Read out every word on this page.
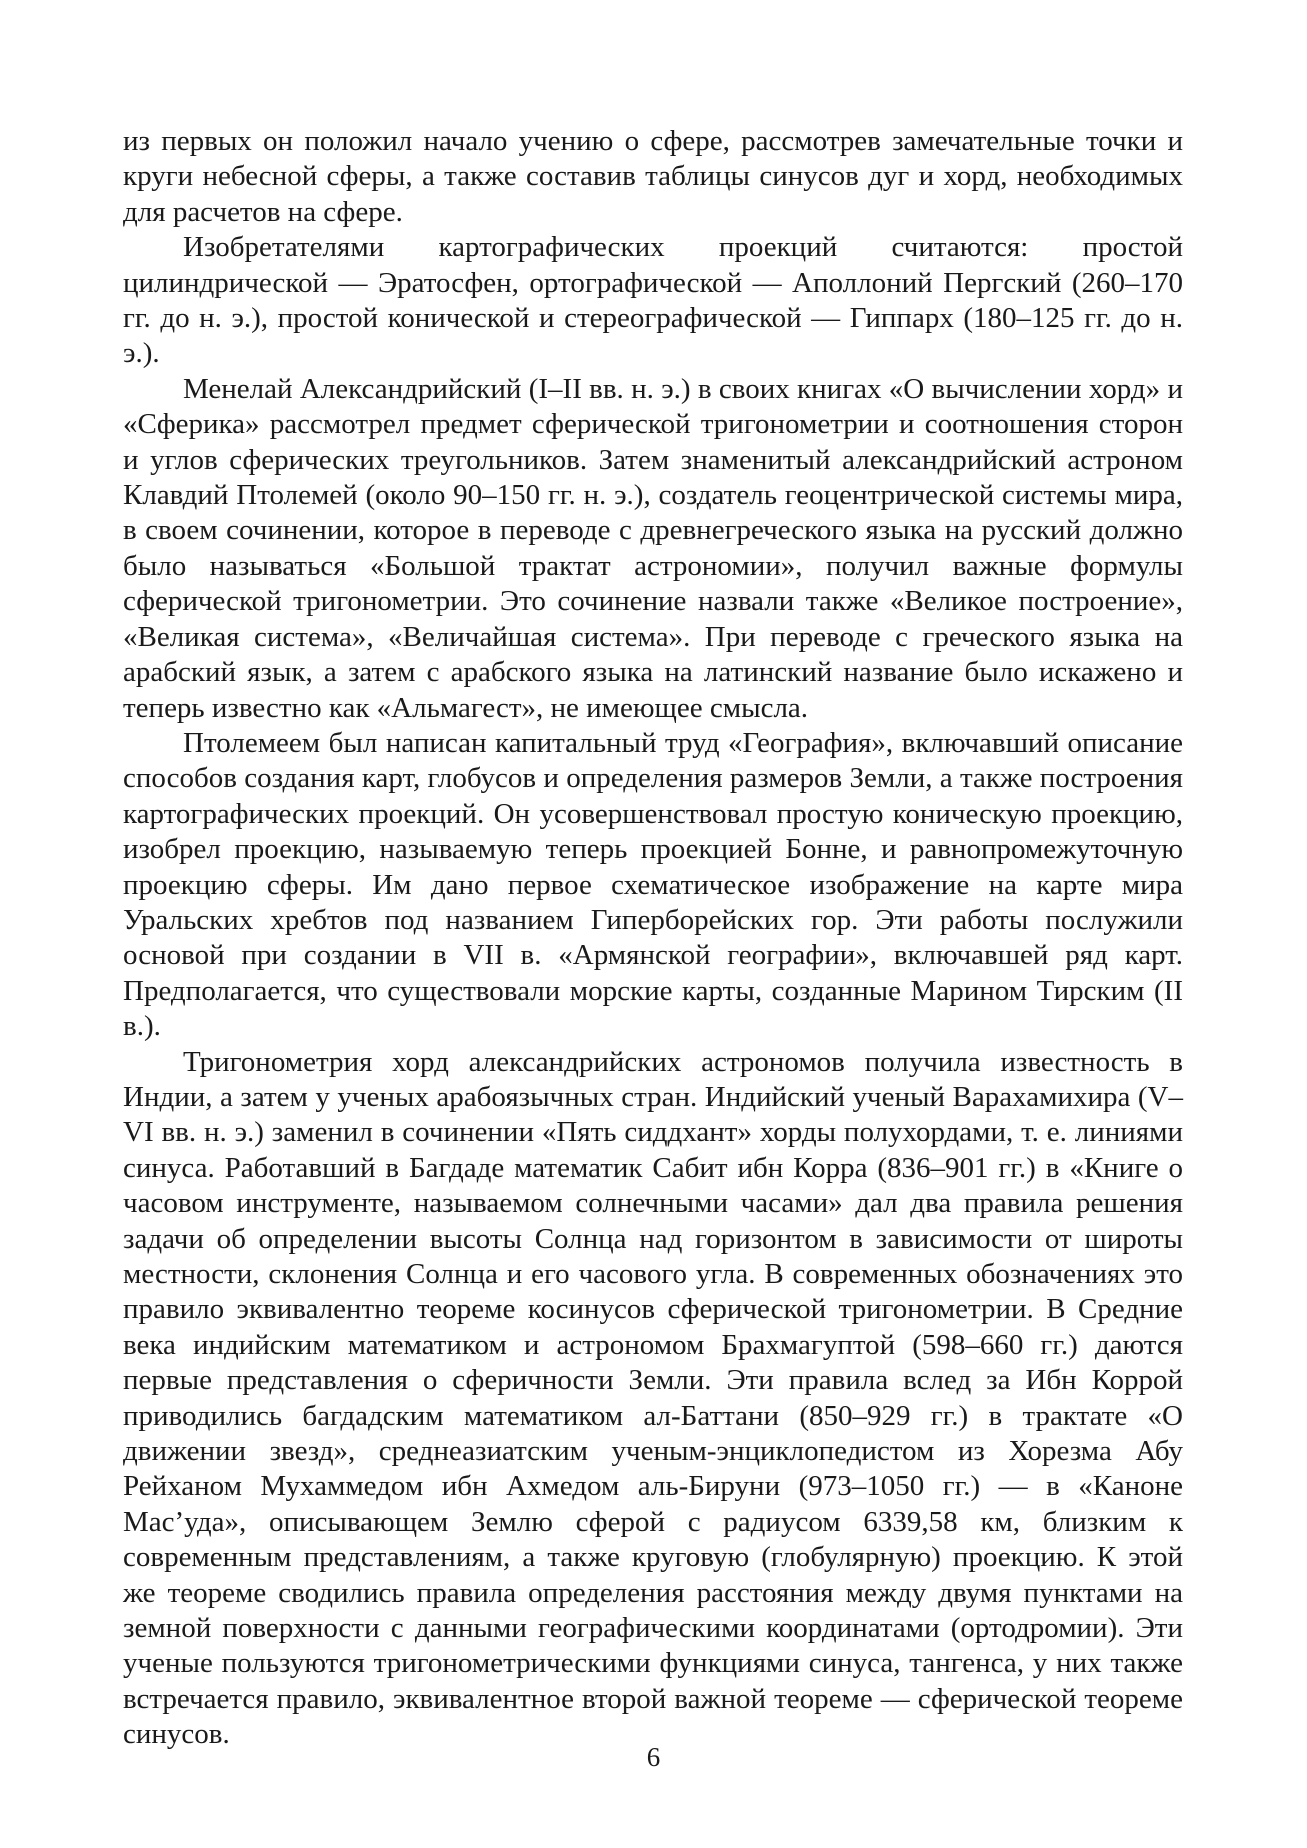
из первых он положил начало учению о сфере, рассмотрев замечательные точки и круги небесной сферы, а также составив таблицы синусов дуг и хорд, необходимых для расчетов на сфере.

Изобретателями картографических проекций считаются: простой цилиндрической — Эратосфен, ортографической — Аполлоний Пергский (260–170 гг. до н. э.), простой конической и стереографической — Гиппарх (180–125 гг. до н. э.).

Менелай Александрийский (I–II вв. н. э.) в своих книгах «О вычислении хорд» и «Сферика» рассмотрел предмет сферической тригонометрии и соотношения сторон и углов сферических треугольников. Затем знаменитый александрийский астроном Клавдий Птолемей (около 90–150 гг. н. э.), создатель геоцентрической системы мира, в своем сочинении, которое в переводе с древнегреческого языка на русский должно было называться «Большой трактат астрономии», получил важные формулы сферической тригонометрии. Это сочинение назвали также «Великое построение», «Великая система», «Величайшая система». При переводе с греческого языка на арабский язык, а затем с арабского языка на латинский название было искажено и теперь известно как «Альмагест», не имеющее смысла.

Птолемеем был написан капитальный труд «География», включавший описание способов создания карт, глобусов и определения размеров Земли, а также построения картографических проекций. Он усовершенствовал простую коническую проекцию, изобрел проекцию, называемую теперь проекцией Бонне, и равнопромежуточную проекцию сферы. Им дано первое схематическое изображение на карте мира Уральских хребтов под названием Гиперборейских гор. Эти работы послужили основой при создании в VII в. «Армянской географии», включавшей ряд карт. Предполагается, что существовали морские карты, созданные Марином Тирским (II в.).

Тригонометрия хорд александрийских астрономов получила известность в Индии, а затем у ученых арабоязычных стран. Индийский ученый Варахамихира (V–VI вв. н. э.) заменил в сочинении «Пять сиддхант» хорды полухордами, т. е. линиями синуса. Работавший в Багдаде математик Сабит ибн Корра (836–901 гг.) в «Книге о часовом инструменте, называемом солнечными часами» дал два правила решения задачи об определении высоты Солнца над горизонтом в зависимости от широты местности, склонения Солнца и его часового угла. В современных обозначениях это правило эквивалентно теореме косинусов сферической тригонометрии. В Средние века индийским математиком и астрономом Брахмагуптой (598–660 гг.) даются первые представления о сферичности Земли. Эти правила вслед за Ибн Коррой приводились багдадским математиком ал-Баттани (850–929 гг.) в трактате «О движении звезд», среднеазиатским ученым-энциклопедистом из Хорезма Абу Рейханом Мухаммедом ибн Ахмедом аль-Бируни (973–1050 гг.) — в «Каноне Мас’уда», описывающем Землю сферой с радиусом 6339,58 км, близким к современным представлениям, а также круговую (глобулярную) проекцию. К этой же теореме сводились правила определения расстояния между двумя пунктами на земной поверхности с данными географическими координатами (ортодромии). Эти ученые пользуются тригонометрическими функциями синуса, тангенса, у них также встречается правило, эквивалентное второй важной теореме — сферической теореме синусов.

6
